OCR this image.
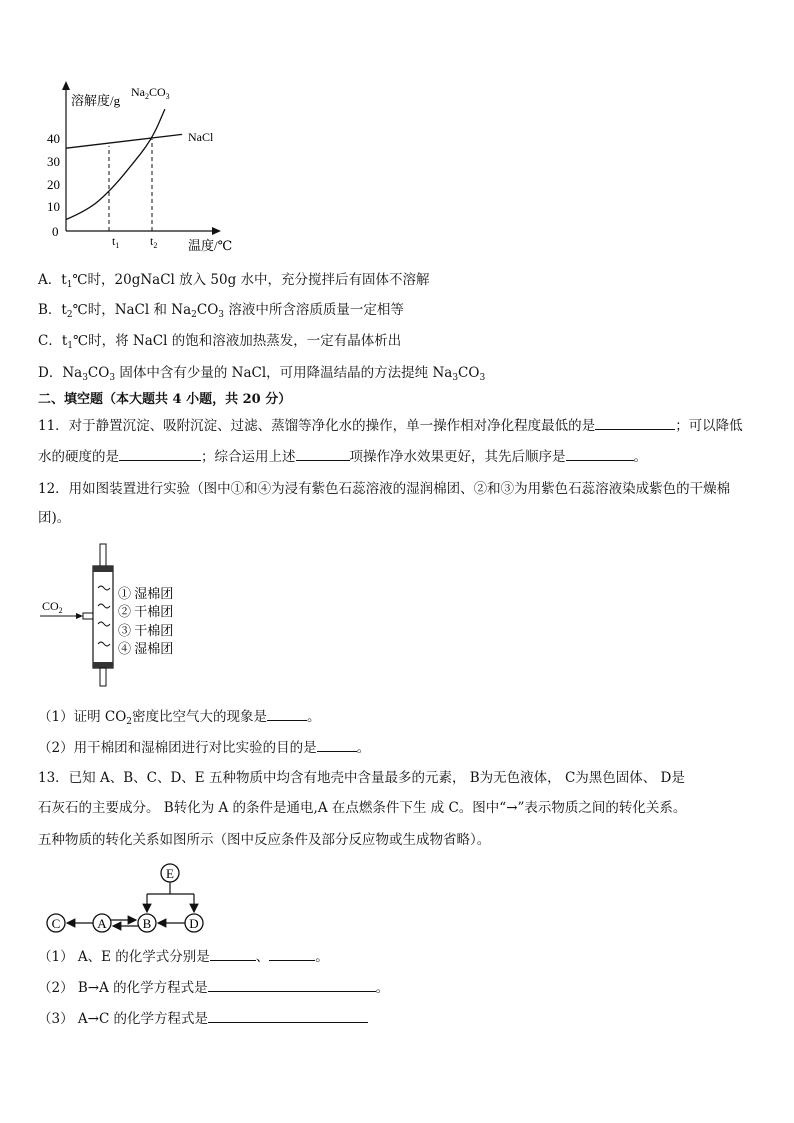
溶解度/g
温度/℃
0
10
20
30
40
$t_1$	$t_2$
$Na_2CO_3$
NaCl
A．$t_1℃$时，20gNaCl 放入 50g 水中，充分搅拌后有固体不溶解
B．$t_2℃$时，NaCl 和 $Na_2CO_3$ 溶液中所含溶质质量一定相等
C．$t_1℃$时，将 NaCl 的饱和溶液加热蒸发，一定有晶体析出
D．$Na_3CO_3$ 固体中含有少量的 NaCl，可用降温结晶的方法提纯 $Na_3CO_3$
二、填空题（本大题共 4 小题，共 20 分）
11．对于静置沉淀、吸附沉淀、过滤、蒸馏等净化水的操作，单一操作相对净化程度最低的是	；可以降低
水的硬度的是	；综合运用上述	项操作净水效果更好，其先后顺序是	。
12．用如图装置进行实验（图中①和④为浸有紫色石蕊溶液的湿润棉团、②和③为用紫色石蕊溶液染成紫色的干燥棉
团)。
$CO_2$
① 湿棉团
② 干棉团
③ 干棉团
④ 湿棉团
（1）证明 $CO_2$密度比空气大的现象是	。
（2）用干棉团和湿棉团进行对比实验的目的是	。
13．已知 A、B、C、D、E 五种物质中均含有地壳中含量最多的元素， B为无色液体， C为黑色固体、 D是
石灰石的主要成分。 B转化为 A 的条件是通电,A 在点燃条件下生 成 C。图中“→”表示物质之间的转化关系。
五种物质的转化关系如图所示（图中反应条件及部分反应物或生成物省略）。
E
C	A	B	D
（1） A、E 的化学式分别是	、	。
（2） B→A 的化学方程式是	。
（3） A→C 的化学方程式是
